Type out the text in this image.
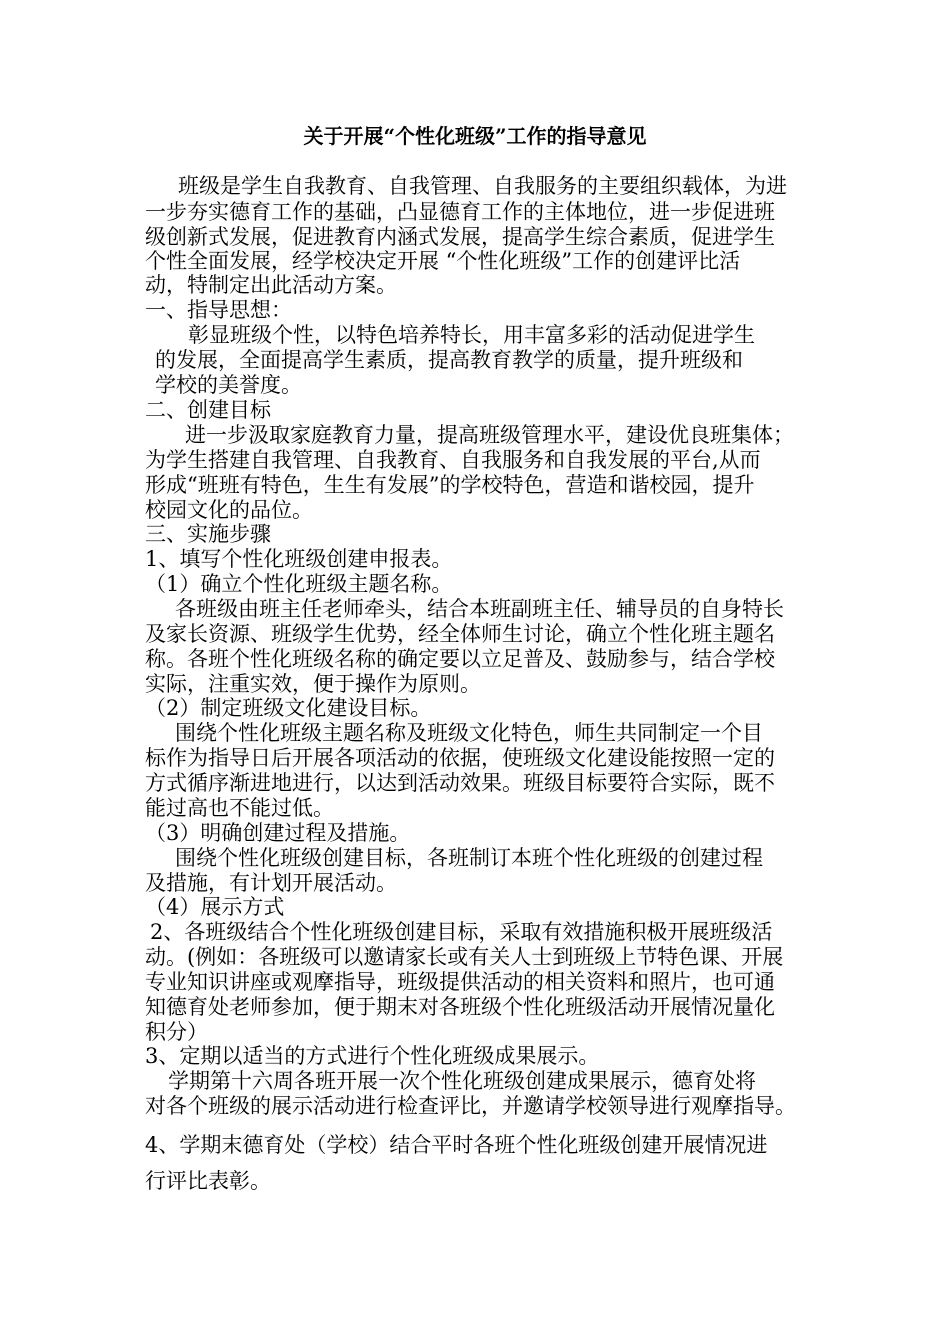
关于开展“个性化班级”工作的指导意见
班级是学生自我教育、自我管理、自我服务的主要组织载体，为进
一步夯实德育工作的基础，凸显德育工作的主体地位，进一步促进班
级创新式发展，促进教育内涵式发展，提高学生综合素质，促进学生
个性全面发展，经学校决定开展 “个性化班级”工作的创建评比活
动，特制定出此活动方案。
一、指导思想：
彰显班级个性，以特色培养特长，用丰富多彩的活动促进学生
的发展，全面提高学生素质，提高教育教学的质量，提升班级和
学校的美誉度。
二、创建目标
进一步汲取家庭教育力量，提高班级管理水平，建设优良班集体；
为学生搭建自我管理、自我教育、自我服务和自我发展的平台,从而
形成“班班有特色，生生有发展”的学校特色，营造和谐校园，提升
校园文化的品位。
三、实施步骤
1、填写个性化班级创建申报表。
（1）确立个性化班级主题名称。
各班级由班主任老师牵头，结合本班副班主任、辅导员的自身特长
及家长资源、班级学生优势，经全体师生讨论，确立个性化班主题名
称。各班个性化班级名称的确定要以立足普及、鼓励参与，结合学校
实际，注重实效，便于操作为原则。
（2）制定班级文化建设目标。
围绕个性化班级主题名称及班级文化特色，师生共同制定一个目
标作为指导日后开展各项活动的依据，使班级文化建设能按照一定的
方式循序渐进地进行，以达到活动效果。班级目标要符合实际，既不
能过高也不能过低。
（3）明确创建过程及措施。
围绕个性化班级创建目标，各班制订本班个性化班级的创建过程
及措施，有计划开展活动。
（4）展示方式
2、各班级结合个性化班级创建目标，采取有效措施积极开展班级活
动。(例如：各班级可以邀请家长或有关人士到班级上节特色课、开展
专业知识讲座或观摩指导，班级提供活动的相关资料和照片，也可通
知德育处老师参加，便于期末对各班级个性化班级活动开展情况量化
积分）
3、定期以适当的方式进行个性化班级成果展示。
学期第十六周各班开展一次个性化班级创建成果展示，德育处将
对各个班级的展示活动进行检查评比，并邀请学校领导进行观摩指导。
4、学期末德育处（学校）结合平时各班个性化班级创建开展情况进
行评比表彰。
